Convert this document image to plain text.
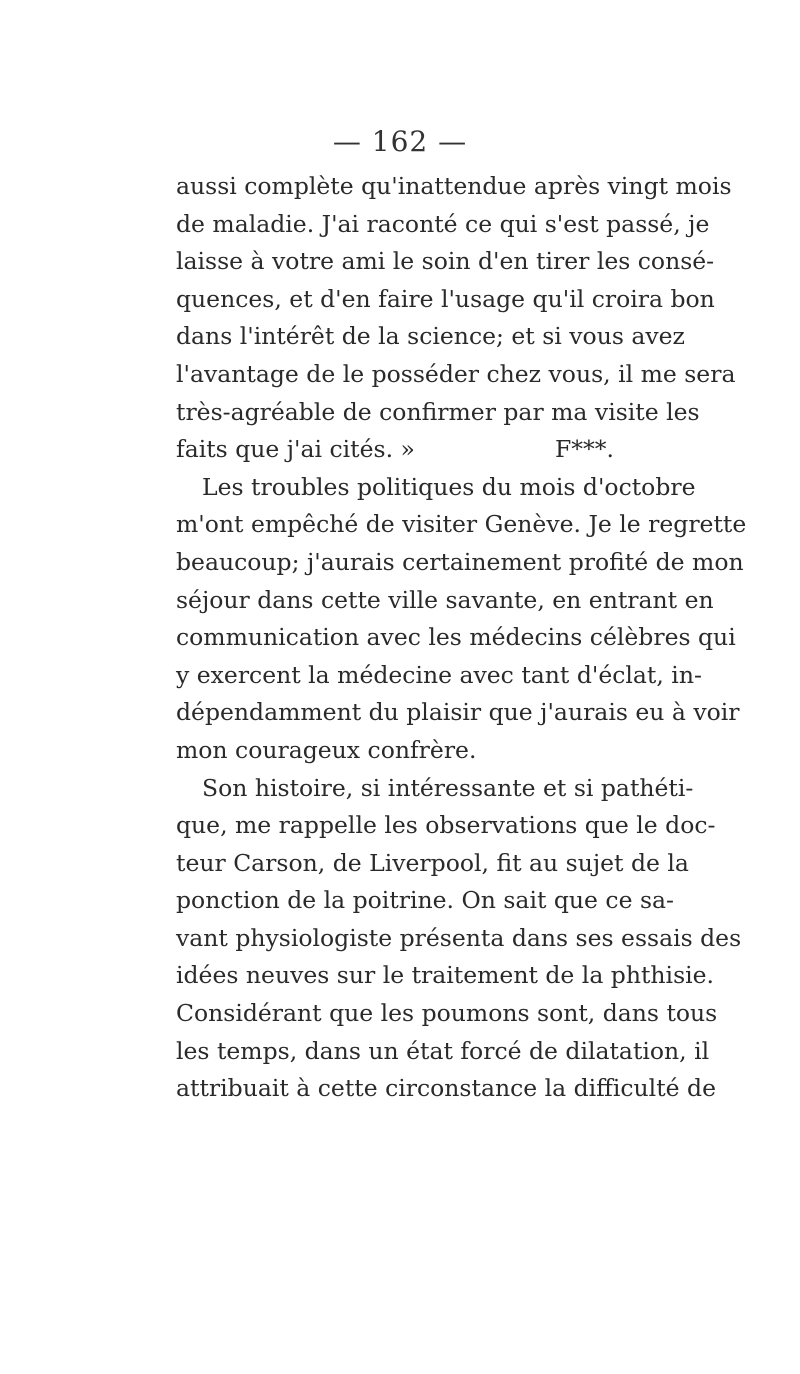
— 162 —
aussi complète qu'inattendue après vingt mois
de maladie. J'ai raconté ce qui s'est passé, je
laisse à votre ami le soin d'en tirer les consé-
quences, et d'en faire l'usage qu'il croira bon
dans l'intérêt de la science; et si vous avez
l'avantage de le posséder chez vous, il me sera
très-agréable de confirmer par ma visite les
faits que j'ai cités. »	F***.
Les troubles politiques du mois d'octobre
m'ont empêché de visiter Genève. Je le regrette
beaucoup; j'aurais certainement profité de mon
séjour dans cette ville savante, en entrant en
communication avec les médecins célèbres qui
y exercent la médecine avec tant d'éclat, in-
dépendamment du plaisir que j'aurais eu à voir
mon courageux confrère.
Son histoire, si intéressante et si pathéti-
que, me rappelle les observations que le doc-
teur Carson, de Liverpool, fit au sujet de la
ponction de la poitrine. On sait que ce sa-
vant physiologiste présenta dans ses essais des
idées neuves sur le traitement de la phthisie.
Considérant que les poumons sont, dans tous
les temps, dans un état forcé de dilatation, il
attribuait à cette circonstance la difficulté de
